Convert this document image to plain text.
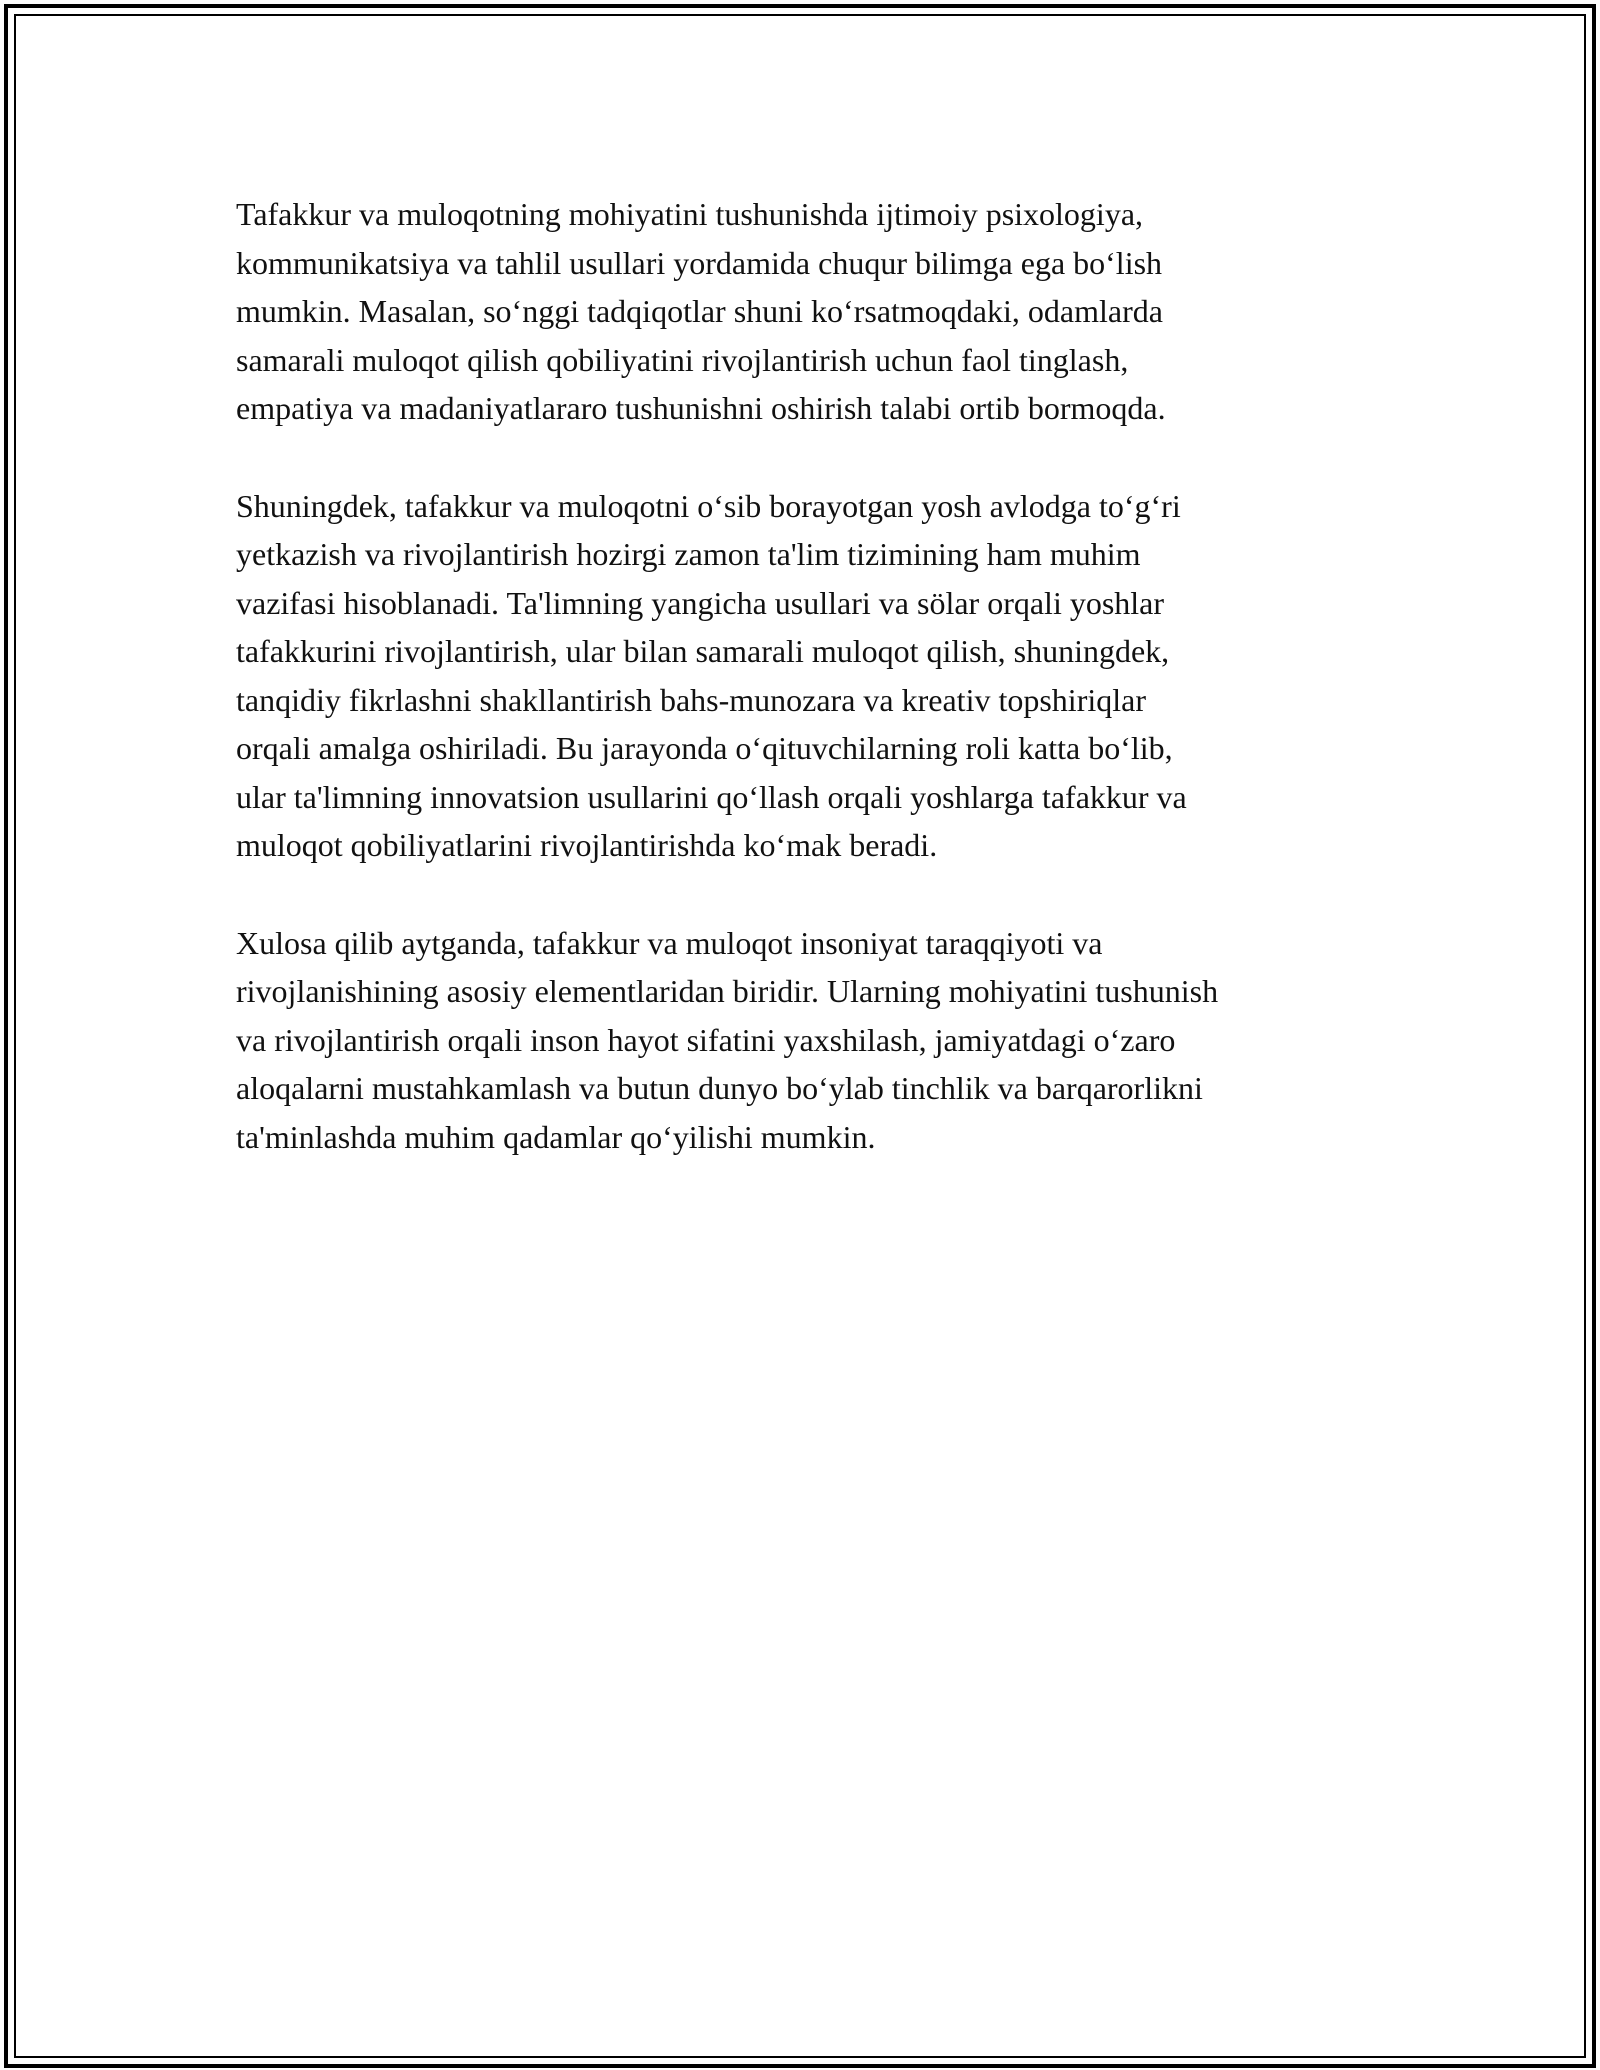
Tafakkur va muloqotning mohiyatini tushunishda ijtimoiy psixologiya,
kommunikatsiya va tahlil usullari yordamida chuqur bilimga ega bo‘lish
mumkin. Masalan, so‘nggi tadqiqotlar shuni ko‘rsatmoqdaki, odamlarda
samarali muloqot qilish qobiliyatini rivojlantirish uchun faol tinglash,
empatiya va madaniyatlararo tushunishni oshirish talabi ortib bormoqda.

Shuningdek, tafakkur va muloqotni o‘sib borayotgan yosh avlodga to‘g‘ri
yetkazish va rivojlantirish hozirgi zamon ta'lim tizimining ham muhim
vazifasi hisoblanadi. Ta'limning yangicha usullari va sölar orqali yoshlar
tafakkurini rivojlantirish, ular bilan samarali muloqot qilish, shuningdek,
tanqidiy fikrlashni shakllantirish bahs-munozara va kreativ topshiriqlar
orqali amalga oshiriladi. Bu jarayonda o‘qituvchilarning roli katta bo‘lib,
ular ta'limning innovatsion usullarini qo‘llash orqali yoshlarga tafakkur va
muloqot qobiliyatlarini rivojlantirishda ko‘mak beradi.

Xulosa qilib aytganda, tafakkur va muloqot insoniyat taraqqiyoti va
rivojlanishining asosiy elementlaridan biridir. Ularning mohiyatini tushunish
va rivojlantirish orqali inson hayot sifatini yaxshilash, jamiyatdagi o‘zaro
aloqalarni mustahkamlash va butun dunyo bo‘ylab tinchlik va barqarorlikni
ta'minlashda muhim qadamlar qo‘yilishi mumkin.
